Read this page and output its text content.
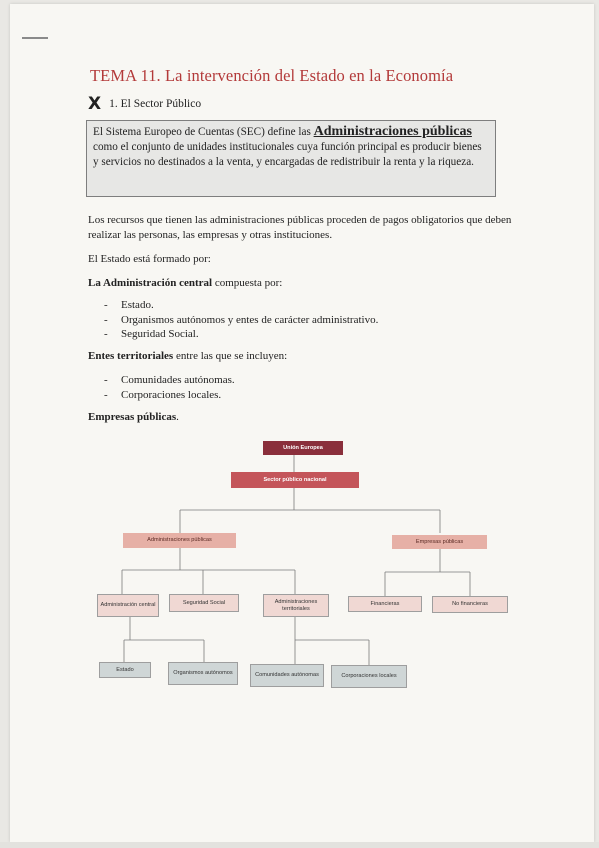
TEMA 11. La intervención del Estado en la Economía
X 1. El Sector Público
El Sistema Europeo de Cuentas (SEC) define las Administraciones públicas como el conjunto de unidades institucionales cuya función principal es producir bienes y servicios no destinados a la venta, y encargadas de redistribuir la renta y la riqueza.
Los recursos que tienen las administraciones públicas proceden de pagos obligatorios que deben realizar las personas, las empresas y otras instituciones.
El Estado está formado por:
La Administración central compuesta por:
- Estado.
- Organismos autónomos y entes de carácter administrativo.
- Seguridad Social.
Entes territoriales entre las que se incluyen:
- Comunidades autónomas.
- Corporaciones locales.
Empresas públicas.
Unión Europea
Sector público nacional
Administraciones públicas	Empresas públicas
Administración central	Seguridad Social	Administraciones territoriales
Financieras	No financieras
Estado
Organismos autónomos	Comunidades autónomas	Corporaciones locales
